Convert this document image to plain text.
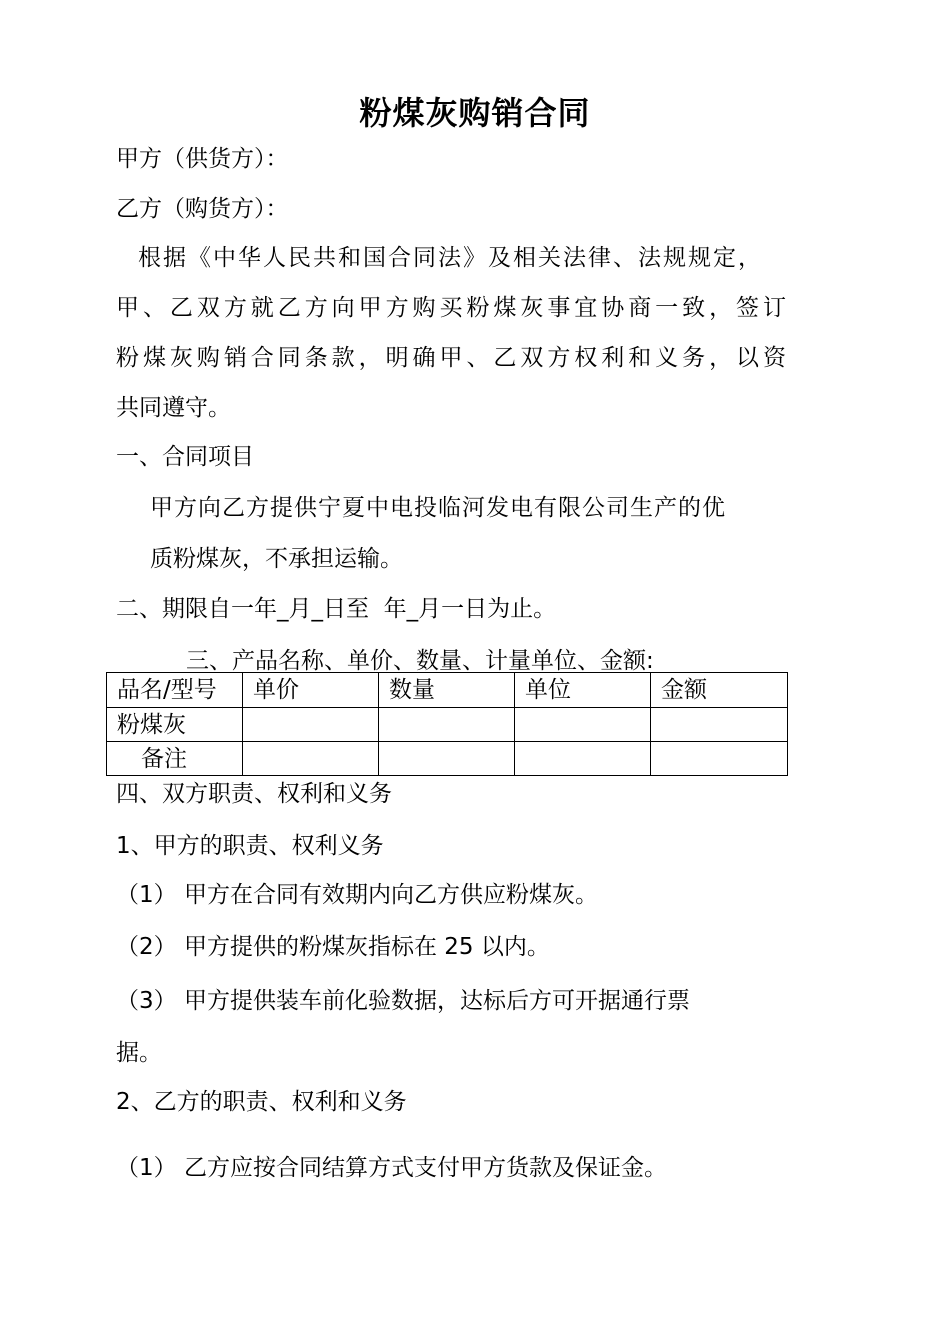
粉煤灰购销合同

甲方（供货方）：

乙方（购货方）：

根据《中华人民共和国合同法》及相关法律、法规规定，

甲、乙双方就乙方向甲方购买粉煤灰事宜协商一致，签订

粉煤灰购销合同条款，明确甲、乙双方权利和义务，以资

共同遵守。

一、合同项目

甲方向乙方提供宁夏中电投临河发电有限公司生产的优

质粉煤灰，不承担运输。

二、期限自一年_月_日至  年_月一日为止。

三、产品名称、单价、数量、计量单位、金额:

品名/型号	单价	数量	单位	金额
粉煤灰				
备注				

四、双方职责、权利和义务

1、甲方的职责、权利义务

（1） 甲方在合同有效期内向乙方供应粉煤灰。

（2） 甲方提供的粉煤灰指标在 25 以内。

（3） 甲方提供装车前化验数据，达标后方可开据通行票

据。

2、乙方的职责、权利和义务

（1） 乙方应按合同结算方式支付甲方货款及保证金。
